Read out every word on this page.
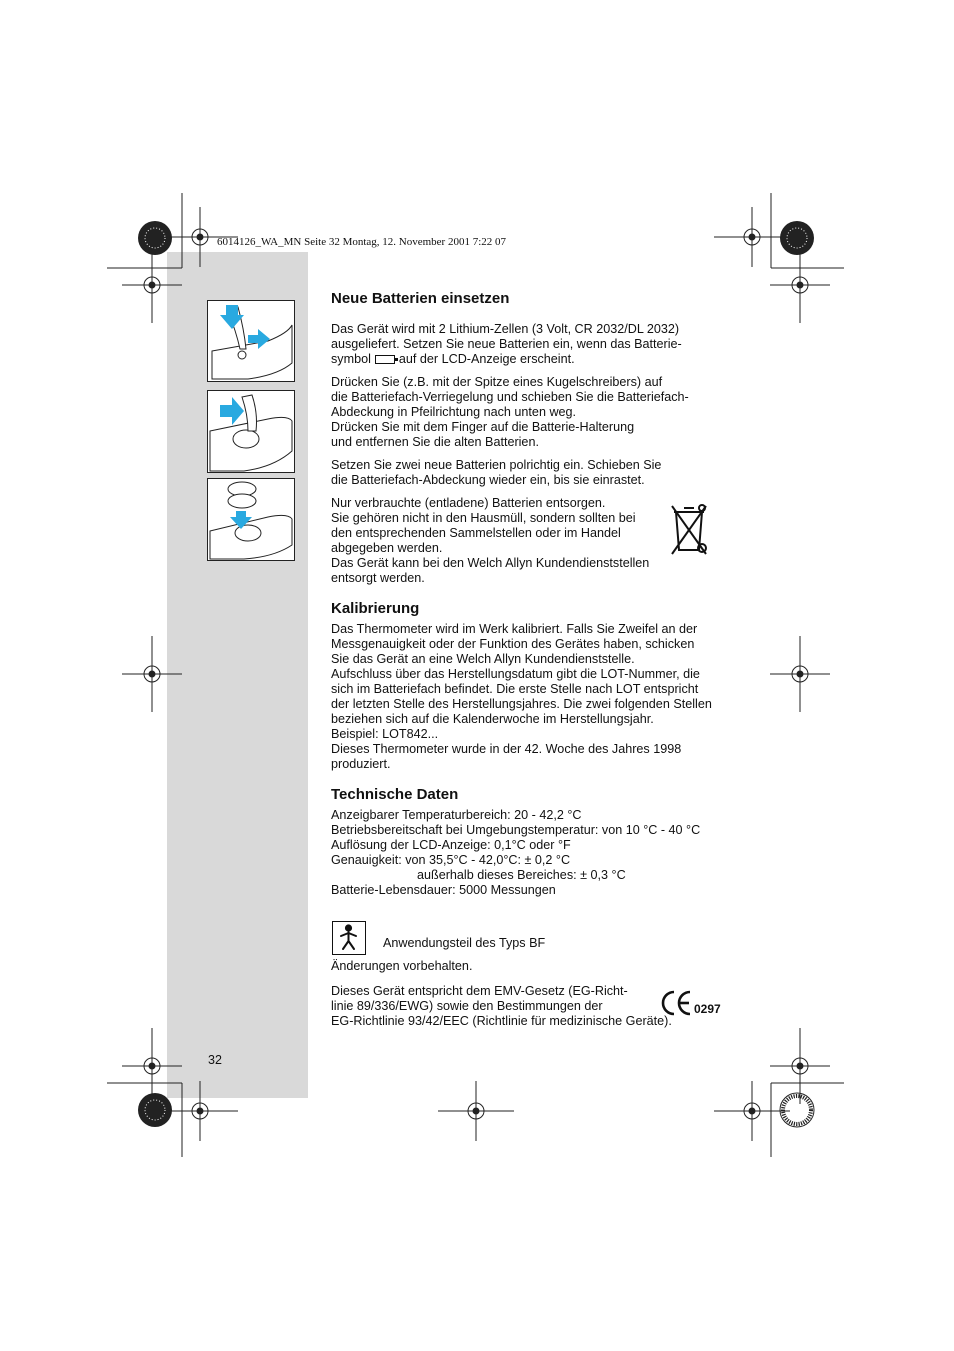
6014126_WA_MN Seite 32 Montag, 12. November 2001 7:22 07
Neue Batterien einsetzen

Das Gerät wird mit 2 Lithium-Zellen (3 Volt, CR 2032/DL 2032)
ausgeliefert. Setzen Sie neue Batterien ein, wenn das Batterie-
symbol auf der LCD-Anzeige erscheint.

Drücken Sie (z.B. mit der Spitze eines Kugelschreibers) auf
die Batteriefach-Verriegelung und schieben Sie die Batteriefach-
Abdeckung in Pfeilrichtung nach unten weg.
Drücken Sie mit dem Finger auf die Batterie-Halterung
und entfernen Sie die alten Batterien.

Setzen Sie zwei neue Batterien polrichtig ein. Schieben Sie
die Batteriefach-Abdeckung wieder ein, bis sie einrastet.

Nur verbrauchte (entladene) Batterien entsorgen.
Sie gehören nicht in den Hausmüll, sondern sollten bei
den entsprechenden Sammelstellen oder im Handel
abgegeben werden.
Das Gerät kann bei den Welch Allyn Kundendienststellen
entsorgt werden.

Kalibrierung

Das Thermometer wird im Werk kalibriert. Falls Sie Zweifel an der
Messgenauigkeit oder der Funktion des Gerätes haben, schicken
Sie das Gerät an eine Welch Allyn Kundendienststelle.
Aufschluss über das Herstellungsdatum gibt die LOT-Nummer, die
sich im Batteriefach befindet. Die erste Stelle nach LOT entspricht
der letzten Stelle des Herstellungsjahres. Die zwei folgenden Stellen
beziehen sich auf die Kalenderwoche im Herstellungsjahr.
Beispiel: LOT842...
Dieses Thermometer wurde in der 42. Woche des Jahres 1998
produziert.

Technische Daten

Anzeigbarer Temperaturbereich: 20 - 42,2 °C
Betriebsbereitschaft bei Umgebungstemperatur: von 10 °C - 40 °C
Auflösung der LCD-Anzeige: 0,1°C oder °F
Genauigkeit: von 35,5°C - 42,0°C: ± 0,2 °C
außerhalb dieses Bereiches: ± 0,3 °C
Batterie-Lebensdauer: 5000 Messungen

Anwendungsteil des Typs BF

Änderungen vorbehalten.

Dieses Gerät entspricht dem EMV-Gesetz (EG-Richt-
linie 89/336/EWG) sowie den Bestimmungen der
EG-Richtlinie 93/42/EEC (Richtlinie für medizinische Geräte).

0297
32
